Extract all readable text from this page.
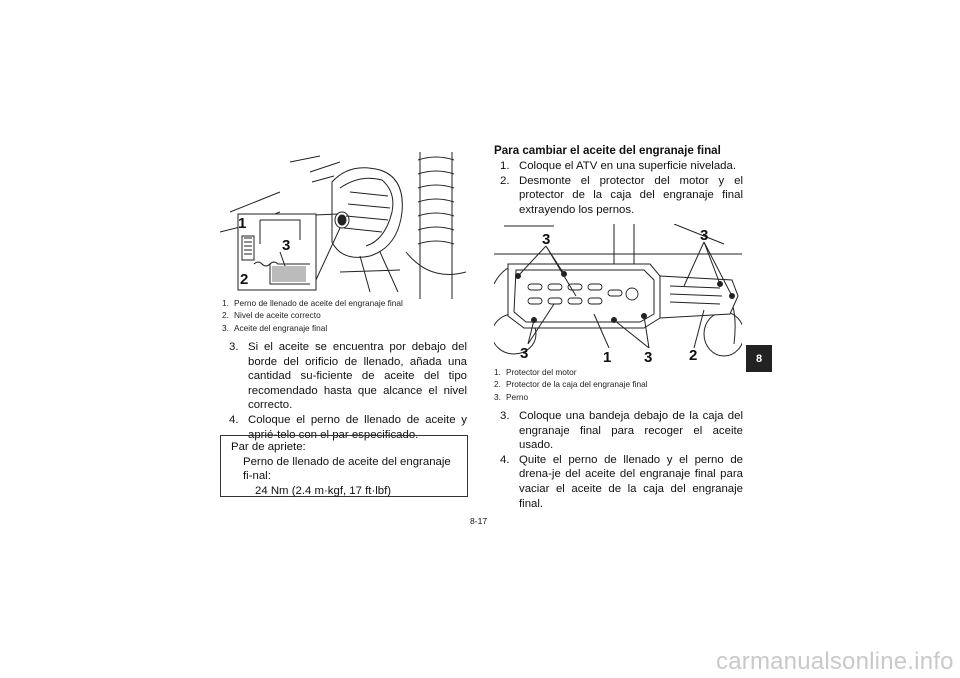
1
2
3
1. Perno de llenado de aceite del engranaje final
2. Nivel de aceite correcto
3. Aceite del engranaje final
3. Si el aceite se encuentra por debajo del borde del orificio de llenado, añada una cantidad su-ficiente de aceite del tipo recomendado hasta que alcance el nivel correcto.
4. Coloque el perno de llenado de aceite y aprié-telo con el par especificado.
Par de apriete:
Perno de llenado de aceite del engranaje fi-nal:
24 Nm (2.4 m·kgf, 17 ft·lbf)
Para cambiar el aceite del engranaje final
1. Coloque el ATV en una superficie nivelada.
2. Desmonte el protector del motor y el protector de la caja del engranaje final extrayendo los pernos.
3	3
3	1 3 2
1. Protector del motor
2. Protector de la caja del engranaje final
3. Perno
3. Coloque una bandeja debajo de la caja del engranaje final para recoger el aceite usado.
4. Quite el perno de llenado y el perno de drena-je del aceite del engranaje final para vaciar el aceite de la caja del engranaje final.
8-17
8
carmanualsonline.info
